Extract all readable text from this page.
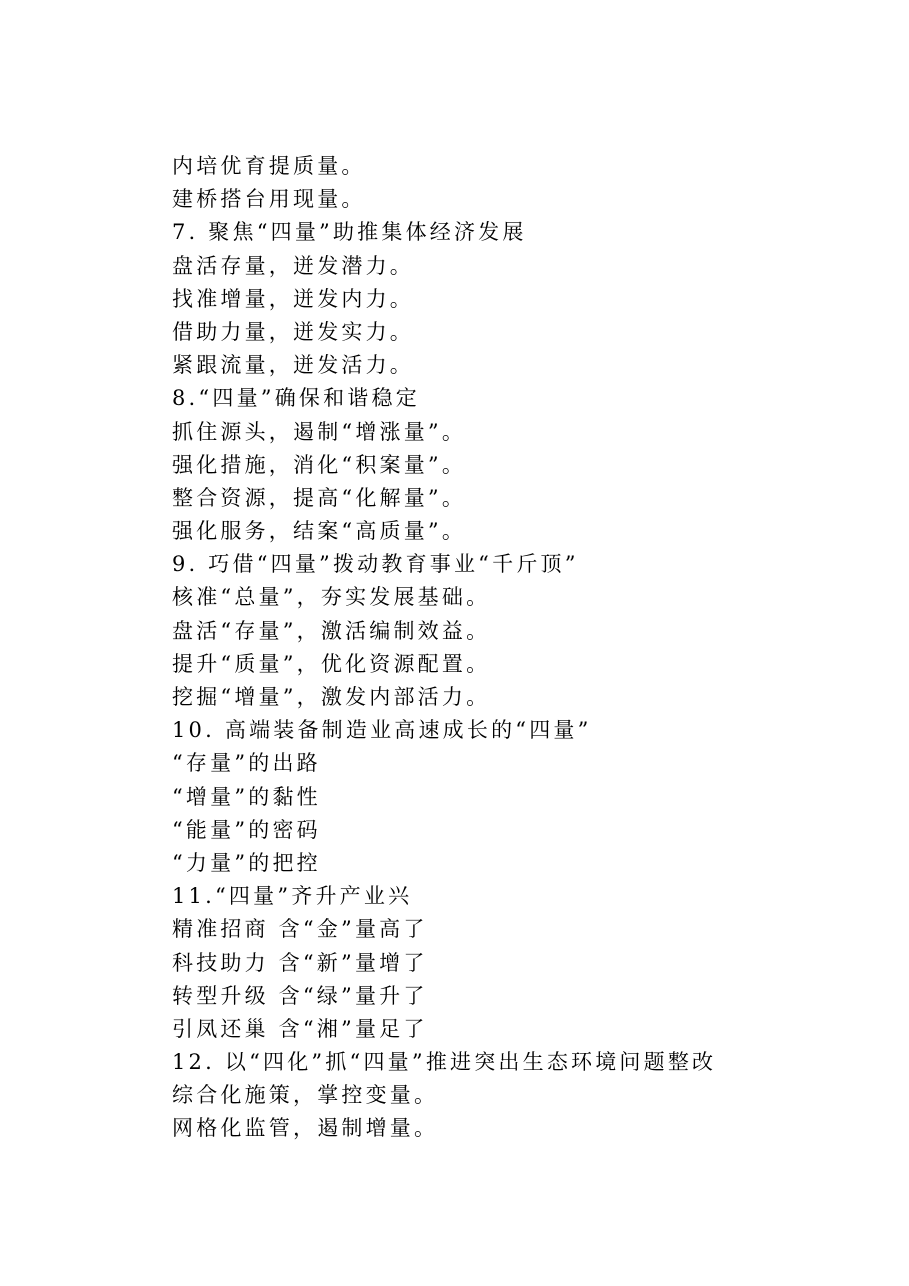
内培优育提质量。
建桥搭台用现量。
7. 聚焦“四量”助推集体经济发展
盘活存量，迸发潜力。
找准增量，迸发内力。
借助力量，迸发实力。
紧跟流量，迸发活力。
8.“四量”确保和谐稳定
抓住源头，遏制“增涨量”。
强化措施，消化“积案量”。
整合资源，提高“化解量”。
强化服务，结案“高质量”。
9. 巧借“四量”拨动教育事业“千斤顶”
核准“总量”，夯实发展基础。
盘活“存量”，激活编制效益。
提升“质量”，优化资源配置。
挖掘“增量”，激发内部活力。
10. 高端装备制造业高速成长的“四量”
“存量”的出路
“增量”的黏性
“能量”的密码
“力量”的把控
11.“四量”齐升产业兴
精准招商 含“金”量高了
科技助力 含“新”量增了
转型升级 含“绿”量升了
引凤还巢 含“湘”量足了
12. 以“四化”抓“四量”推进突出生态环境问题整改
综合化施策，掌控变量。
网格化监管，遏制增量。
